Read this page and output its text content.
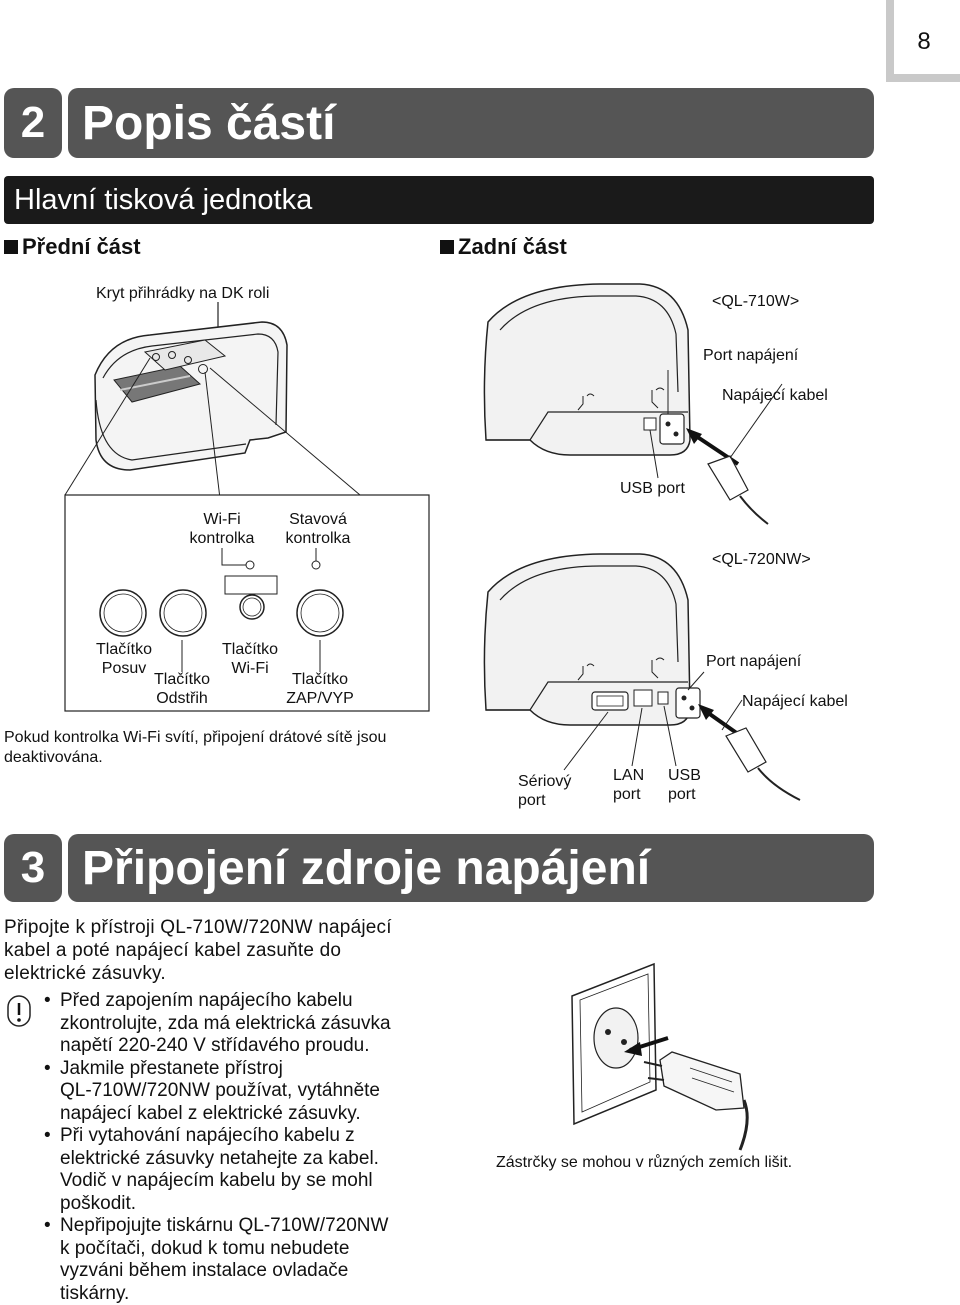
8
2 Popis částí
Hlavní tisková jednotka
Přední část	Zadní část
Kryt přihrádky na DK roli
Wi-Fi
kontrolka
Stavová
kontrolka
Tlačítko
Posuv
Tlačítko
Odstřih
Tlačítko
Wi-Fi
Tlačítko
ZAP/VYP
Pokud kontrolka Wi-Fi svítí, připojení drátové sítě jsou
deaktivována.
<QL-710W>
Port napájení
Napájecí kabel
USB port
<QL-720NW>
Port napájení
Napájecí kabel
Sériový
port
LAN
port
USB
port
3 Připojení zdroje napájení
Připojte k přístroji QL-710W/720NW napájecí
kabel a poté napájecí kabel zasuňte do
elektrické zásuvky.
• Před zapojením napájecího kabelu
zkontrolujte, zda má elektrická zásuvka
napětí 220-240 V střídavého proudu.
• Jakmile přestanete přístroj
QL-710W/720NW používat, vytáhněte
napájecí kabel z elektrické zásuvky.
• Při vytahování napájecího kabelu z
elektrické zásuvky netahejte za kabel.
Vodič v napájecím kabelu by se mohl
poškodit.
• Nepřipojujte tiskárnu QL-710W/720NW
k počítači, dokud k tomu nebudete
vyzváni během instalace ovladače
tiskárny.
Zástrčky se mohou v různých zemích lišit.
